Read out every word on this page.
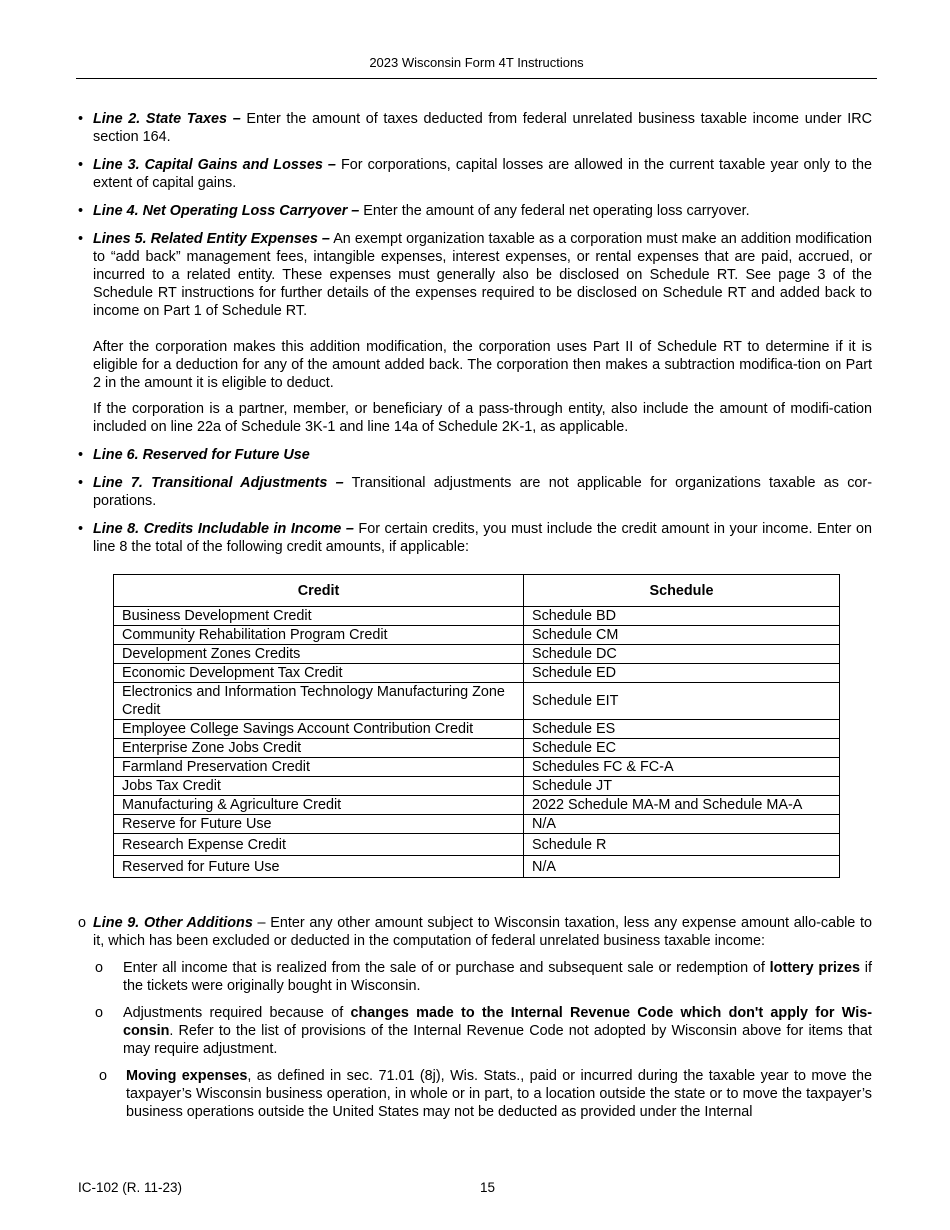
2023 Wisconsin Form 4T Instructions
• Line 2. State Taxes – Enter the amount of taxes deducted from federal unrelated business taxable income under IRC section 164.

• Line 3. Capital Gains and Losses – For corporations, capital losses are allowed in the current taxable year only to the extent of capital gains.

• Line 4. Net Operating Loss Carryover – Enter the amount of any federal net operating loss carryover.

• Lines 5. Related Entity Expenses – An exempt organization taxable as a corporation must make an addition modification to “add back” management fees, intangible expenses, interest expenses, or rental expenses that are paid, accrued, or incurred to a related entity. These expenses must generally also be disclosed on Schedule RT. See page 3 of the Schedule RT instructions for further details of the expenses required to be disclosed on Schedule RT and added back to income on Part 1 of Schedule RT.

After the corporation makes this addition modification, the corporation uses Part II of Schedule RT to determine if it is eligible for a deduction for any of the amount added back. The corporation then makes a subtraction modifica-tion on Part 2 in the amount it is eligible to deduct.

If the corporation is a partner, member, or beneficiary of a pass-through entity, also include the amount of modifi-cation included on line 22a of Schedule 3K-1 and line 14a of Schedule 2K-1, as applicable.

• Line 6. Reserved for Future Use

• Line 7. Transitional Adjustments – Transitional adjustments are not applicable for organizations taxable as cor-porations.

• Line 8. Credits Includable in Income – For certain credits, you must include the credit amount in your income. Enter on line 8 the total of the following credit amounts, if applicable:

Credit	Schedule
Business Development Credit	Schedule BD
Community Rehabilitation Program Credit	Schedule CM
Development Zones Credits	Schedule DC
Economic Development Tax Credit	Schedule ED
Electronics and Information Technology Manufacturing Zone Credit	Schedule EIT
Employee College Savings Account Contribution Credit	Schedule ES
Enterprise Zone Jobs Credit	Schedule EC
Farmland Preservation Credit	Schedules FC & FC-A
Jobs Tax Credit	Schedule JT
Manufacturing & Agriculture Credit	2022 Schedule MA-M and Schedule MA-A
Reserve for Future Use	N/A
Research Expense Credit	Schedule R
Reserved for Future Use	N/A
o Line 9. Other Additions – Enter any other amount subject to Wisconsin taxation, less any expense amount allo-cable to it, which has been excluded or deducted in the computation of federal unrelated business taxable income:
o Enter all income that is realized from the sale of or purchase and subsequent sale or redemption of lottery prizes if the tickets were originally bought in Wisconsin.
o Adjustments required because of changes made to the Internal Revenue Code which don't apply for Wis-consin. Refer to the list of provisions of the Internal Revenue Code not adopted by Wisconsin above for items that may require adjustment.
o Moving expenses, as defined in sec. 71.01 (8j), Wis. Stats., paid or incurred during the taxable year to move the taxpayer’s Wisconsin business operation, in whole or in part, to a location outside the state or to move the taxpayer’s business operations outside the United States may not be deducted as provided under the Internal
IC-102 (R. 11-23)	15
